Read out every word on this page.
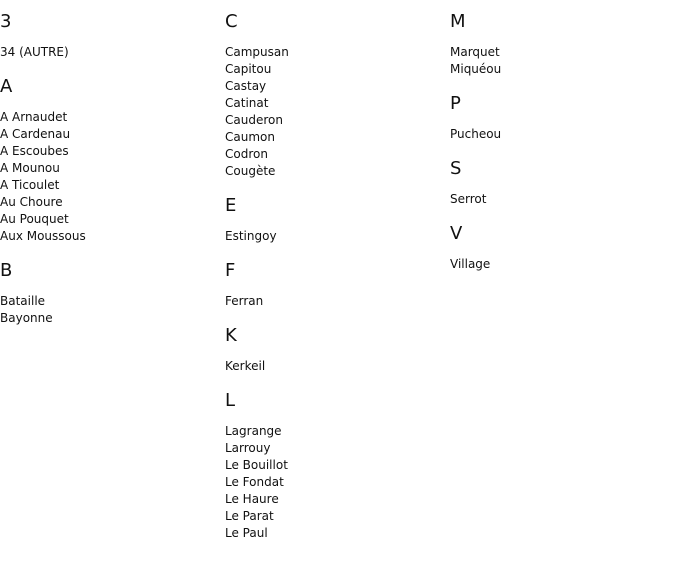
3
34 (AUTRE)
A
A Arnaudet
A Cardenau
A Escoubes
A Mounou
A Ticoulet
Au Choure
Au Pouquet
Aux Moussous
B
Bataille
Bayonne
C
Campusan
Capitou
Castay
Catinat
Cauderon
Caumon
Codron
Cougète
E
Estingoy
F
Ferran
K
Kerkeil
L
Lagrange
Larrouy
Le Bouillot
Le Fondat
Le Haure
Le Parat
Le Paul
M
Marquet
Miquéou
P
Pucheou
S
Serrot
V
Village
